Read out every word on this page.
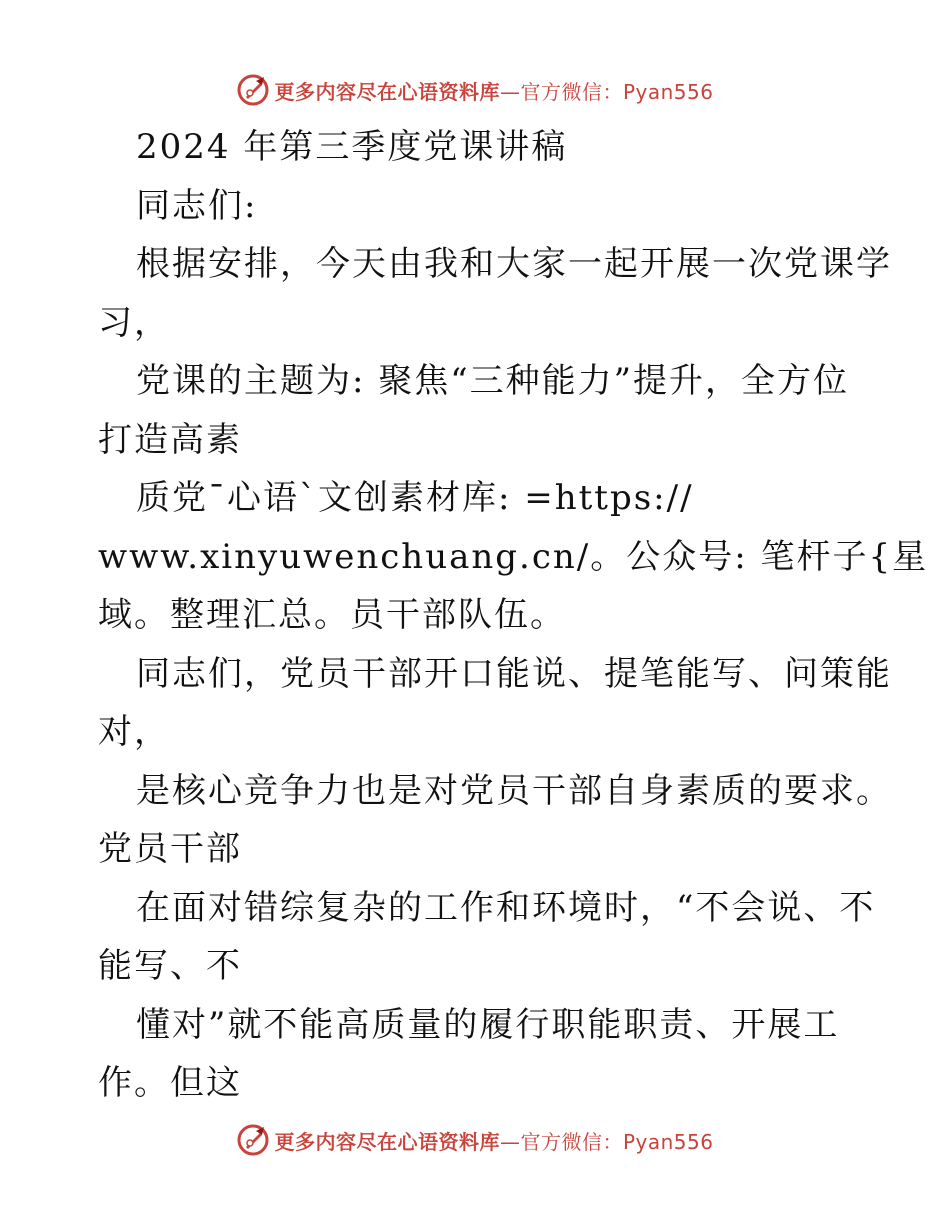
更多内容尽在心语资料库—官方微信：Pyan556
2024 年第三季度党课讲稿
同志们:
根据安排，今天由我和大家一起开展一次党课学
习，
党课的主题为: 聚焦“三种能力”提升，全方位
打造高素
质党¯心语`文创素材库: =https://
www.xinyuwenchuang.cn/。公众号: 笔杆子{星
域。整理汇总。员干部队伍。
同志们，党员干部开口能说、提笔能写、问策能
对，
是核心竞争力也是对党员干部自身素质的要求。
党员干部
在面对错综复杂的工作和环境时，“不会说、不
能写、不
懂对”就不能高质量的履行职能职责、开展工
作。但这
更多内容尽在心语资料库—官方微信：Pyan556
